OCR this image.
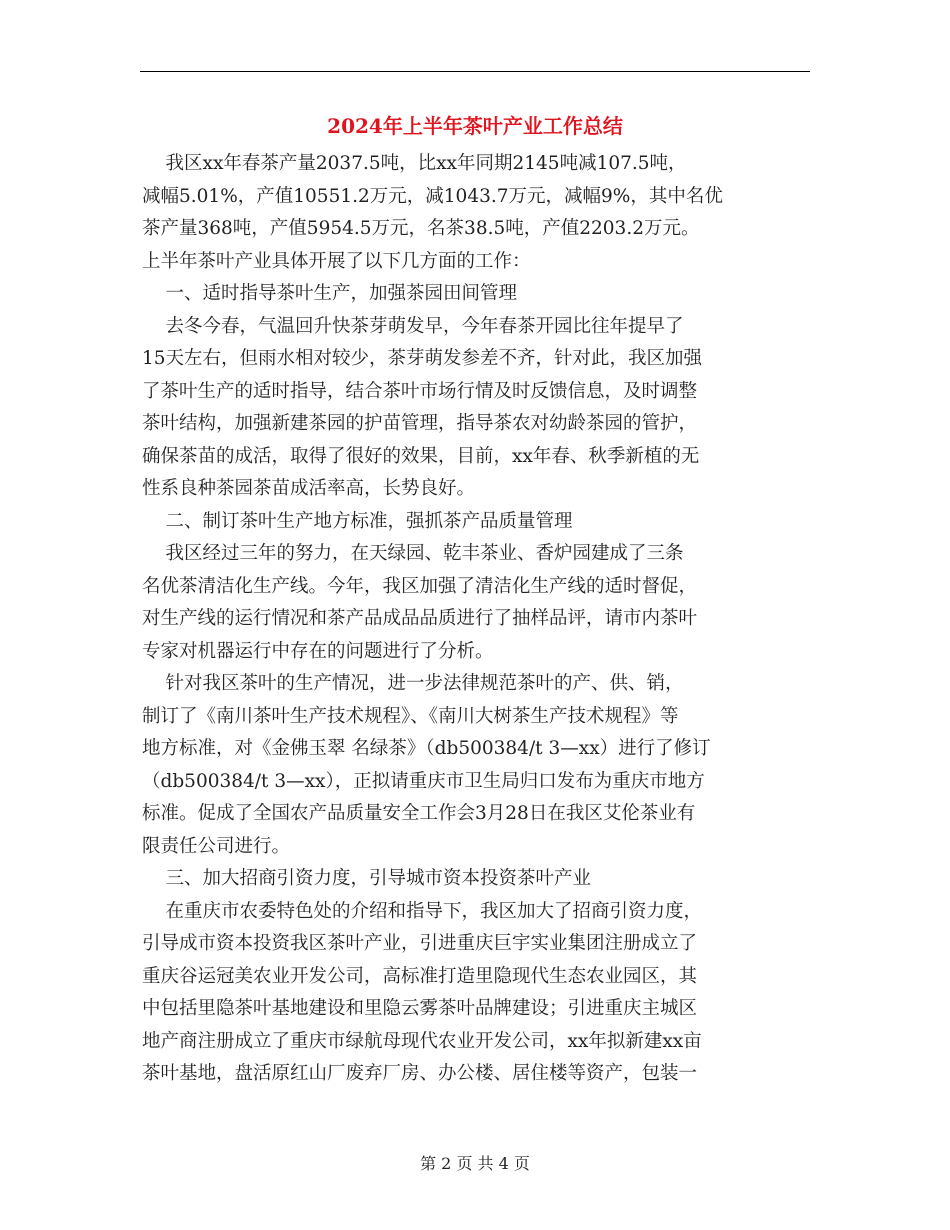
2024年上半年茶叶产业工作总结

我区xx年春茶产量2037.5吨，比xx年同期2145吨减107.5吨，

减幅5.01%，产值10551.2万元，减1043.7万元，减幅9%，其中名优

茶产量368吨，产值5954.5万元，名茶38.5吨，产值2203.2万元。

上半年茶叶产业具体开展了以下几方面的工作：

一、适时指导茶叶生产，加强茶园田间管理

去冬今春，气温回升快茶芽萌发早，今年春茶开园比往年提早了

15天左右，但雨水相对较少，茶芽萌发参差不齐，针对此，我区加强

了茶叶生产的适时指导，结合茶叶市场行情及时反馈信息，及时调整

茶叶结构，加强新建茶园的护苗管理，指导茶农对幼龄茶园的管护，

确保茶苗的成活，取得了很好的效果，目前，xx年春、秋季新植的无

性系良种茶园茶苗成活率高，长势良好。

二、制订茶叶生产地方标准，强抓茶产品质量管理

我区经过三年的努力，在天绿园、乾丰茶业、香炉园建成了三条

名优茶清洁化生产线。今年，我区加强了清洁化生产线的适时督促，

对生产线的运行情况和茶产品成品品质进行了抽样品评，请市内茶叶

专家对机器运行中存在的问题进行了分析。

针对我区茶叶的生产情况，进一步法律规范茶叶的产、供、销，

制订了《南川茶叶生产技术规程》、《南川大树茶生产技术规程》等

地方标准，对《金佛玉翠 名绿茶》（db500384/t 3—xx）进行了修订

（db500384/t 3—xx），正拟请重庆市卫生局归口发布为重庆市地方

标准。促成了全国农产品质量安全工作会3月28日在我区艾伦茶业有

限责任公司进行。

三、加大招商引资力度，引导城市资本投资茶叶产业

在重庆市农委特色处的介绍和指导下，我区加大了招商引资力度，

引导成市资本投资我区茶叶产业，引进重庆巨宇实业集团注册成立了

重庆谷运冠美农业开发公司，高标准打造里隐现代生态农业园区，其

中包括里隐茶叶基地建设和里隐云雾茶叶品牌建设；引进重庆主城区

地产商注册成立了重庆市绿航母现代农业开发公司，xx年拟新建xx亩

茶叶基地，盘活原红山厂废弃厂房、办公楼、居住楼等资产，包装一

第 2 页 共 4 页
